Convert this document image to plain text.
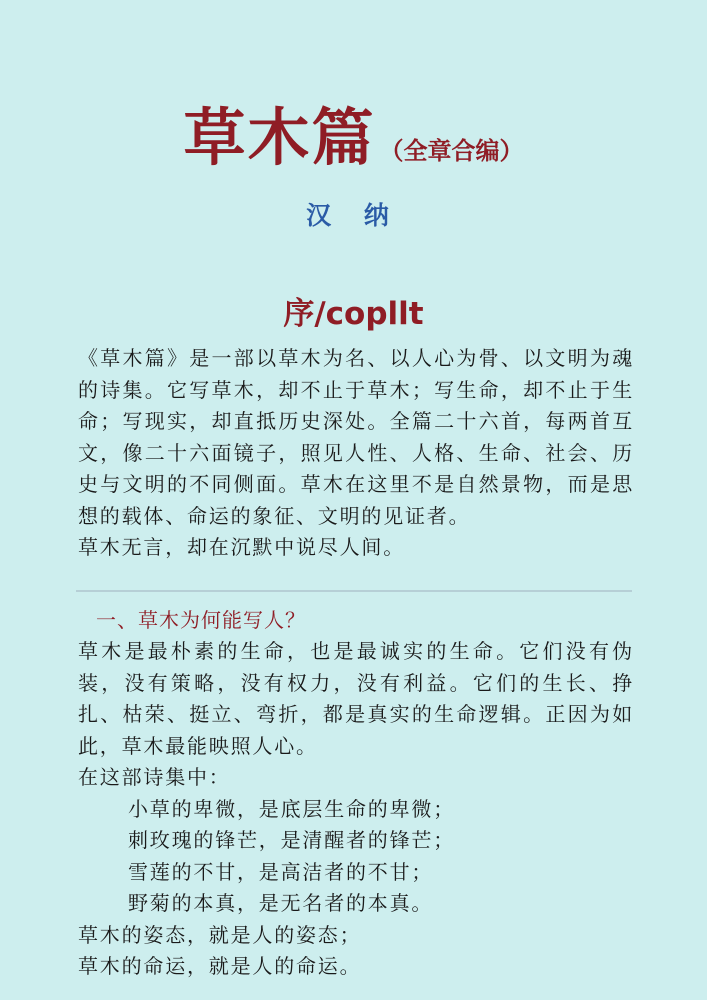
草木篇 （全章合编）
汉 纳
序/copllt

《草木篇》是一部以草木为名、以人心为骨、以文明为魂的诗集。它写草木，却不止于草木；写生命，却不止于生命；写现实，却直抵历史深处。全篇二十六首，每两首互文，像二十六面镜子，照见人性、人格、生命、社会、历史与文明的不同侧面。草木在这里不是自然景物，而是思想的载体、命运的象征、文明的见证者。

草木无言，却在沉默中说尽人间。

一、草木为何能写人？

草木是最朴素的生命，也是最诚实的生命。它们没有伪装，没有策略，没有权力，没有利益。它们的生长、挣扎、枯荣、挺立、弯折，都是真实的生命逻辑。正因为如此，草木最能映照人心。

在这部诗集中：

小草的卑微，是底层生命的卑微；

刺玫瑰的锋芒，是清醒者的锋芒；

雪莲的不甘，是高洁者的不甘；

野菊的本真，是无名者的本真。

草木的姿态，就是人的姿态；

草木的命运，就是人的命运。
